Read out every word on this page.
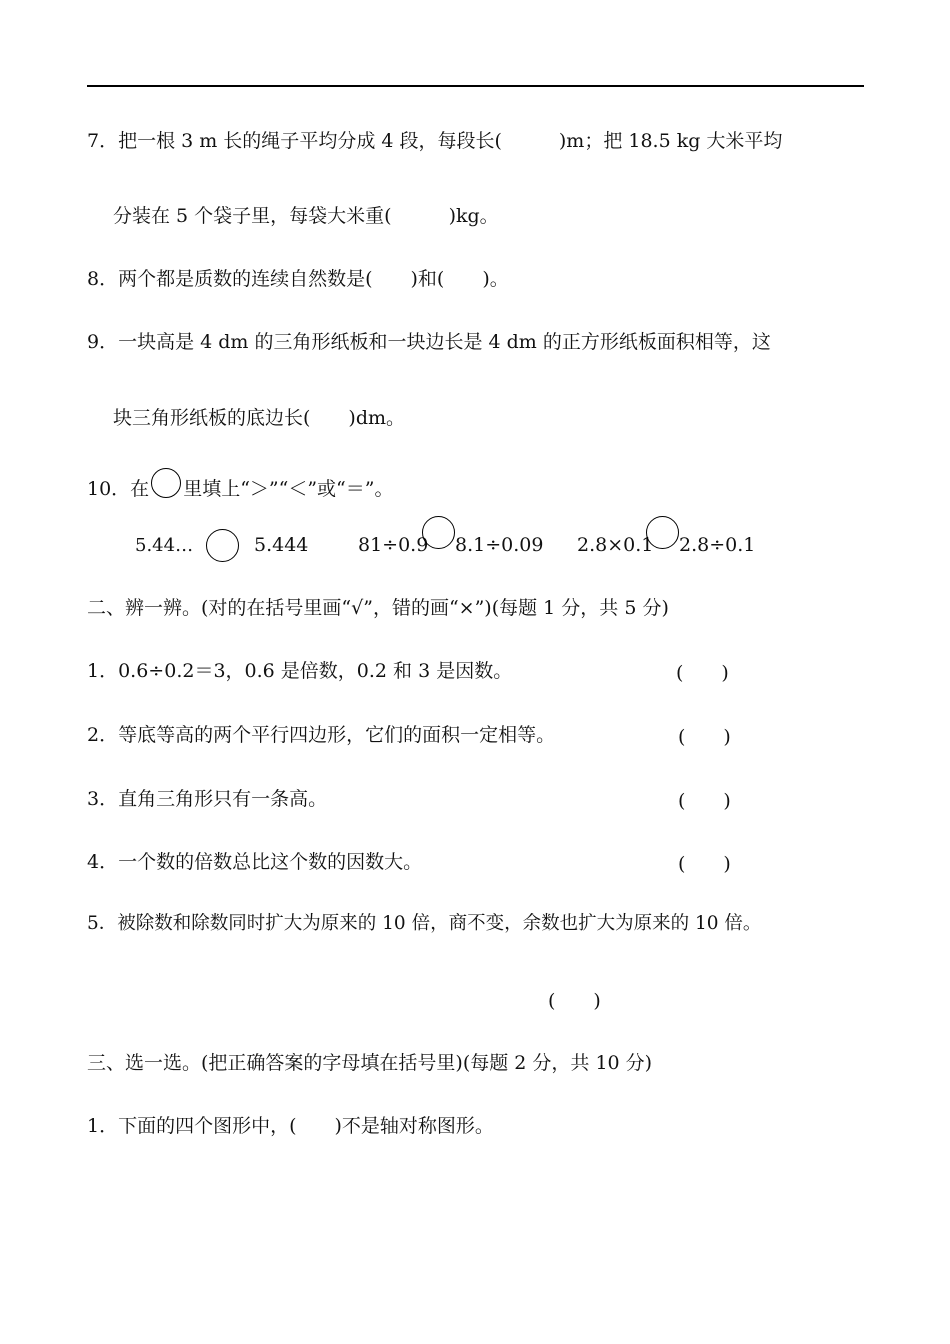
7．把一根 3 m 长的绳子平均分成 4 段，每段长(　　　)m；把 18.5 kg 大米平均
分装在 5 个袋子里，每袋大米重(　　　)kg。
8．两个都是质数的连续自然数是(　　)和(　　)。
9．一块高是 4 dm 的三角形纸板和一块边长是 4 dm 的正方形纸板面积相等，这
块三角形纸板的底边长(　　)dm。
10．在 里填上“＞”“＜”或“＝”。
5.44…	5.444	81÷0.9 8.1÷0.09 2.8×0.1 2.8÷0.1
二、辨一辨。(对的在括号里画“√”，错的画“×”)(每题 1 分，共 5 分)
1．0.6÷0.2＝3，0.6 是倍数，0.2 和 3 是因数。	(　　)
2．等底等高的两个平行四边形，它们的面积一定相等。	(　　)
3．直角三角形只有一条高。	(　　)
4．一个数的倍数总比这个数的因数大。	(　　)
5．被除数和除数同时扩大为原来的 10 倍，商不变，余数也扩大为原来的 10 倍。
(　　)
三、选一选。(把正确答案的字母填在括号里)(每题 2 分，共 10 分)
1．下面的四个图形中，(　　)不是轴对称图形。
